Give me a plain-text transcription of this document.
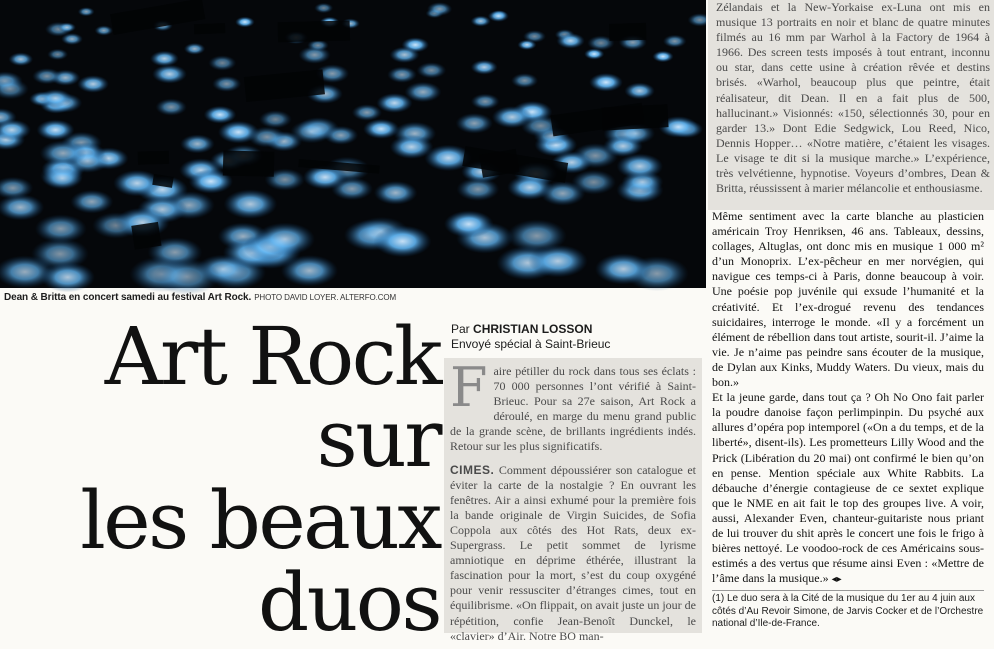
Dean & Britta en concert samedi au festival Art Rock. PHOTO DAVID LOYER. ALTERFO.COM
Art Rock
sur
les beaux
duos
Par CHRISTIAN LOSSON
Envoyé spécial à Saint-Brieuc

Faire pétiller du rock dans tous ses éclats : 70 000 personnes l’ont vérifié à Saint-Brieuc. Pour sa 27e saison, Art Rock a déroulé, en marge du menu grand public de la grande scène, de brillants ingrédients indés. Retour sur les plus significatifs.

CIMES. Comment dépoussiérer son catalogue et éviter la carte de la nostalgie ? En ouvrant les fenêtres. Air a ainsi exhumé pour la première fois la bande originale de Virgin Suicides, de Sofia Coppola aux côtés des Hot Rats, deux ex-Supergrass. Le petit sommet de lyrisme amniotique en déprime éthérée, illustrant la fascination pour la mort, s’est du coup oxygéné pour venir ressusciter d’étranges cimes, tout en équilibrisme. «On flippait, on avait juste un jour de répétition, confie Jean-Benoît Dunckel, le «clavier» d’Air. Notre BO man-

Zélandais et la New-Yorkaise ex-Luna ont mis en musique 13 portraits en noir et blanc de quatre minutes filmés au 16 mm par Warhol à la Factory de 1964 à 1966. Des screen tests imposés à tout entrant, inconnu ou star, dans cette usine à création rêvée et destins brisés. «Warhol, beaucoup plus que peintre, était réalisateur, dit Dean. Il en a fait plus de 500, hallucinant.» Visionnés: «150, sélectionnés 30, pour en garder 13.» Dont Edie Sedgwick, Lou Reed, Nico, Dennis Hopper… «Notre matière, c’étaient les visages. Le visage te dit si la musique marche.» L’expérience, très velvétienne, hypnotise. Voyeurs d’ombres, Dean & Britta, réussissent à marier mélancolie et enthousiasme.

Même sentiment avec la carte blanche au plasticien américain Troy Henriksen, 46 ans. Tableaux, dessins, collages, Altuglas, ont donc mis en musique 1 000 m² d’un Monoprix. L’ex-pêcheur en mer norvégien, qui navigue ces temps-ci à Paris, donne beaucoup à voir. Une poésie pop juvénile qui exsude l’humanité et la créativité. Et l’ex-drogué revenu des tendances suicidaires, interroge le monde. «Il y a forcément un élément de rébellion dans tout artiste, sourit-il. J’aime la vie. Je n’aime pas peindre sans écouter de la musique, de Dylan aux Kinks, Muddy Waters. Du vieux, mais du bon.»

Et la jeune garde, dans tout ça ? Oh No Ono fait parler la poudre danoise façon perlimpinpin. Du psyché aux allures d’opéra pop intemporel («On a du temps, et de la liberté», disent-ils). Les prometteurs Lilly Wood and the Prick (Libération du 20 mai) ont confirmé le bien qu’on en pense. Mention spéciale aux White Rabbits. La débauche d’énergie contagieuse de ce sextet explique que le NME en ait fait le top des groupes live. A voir, aussi, Alexander Even, chanteur-guitariste nous priant de lui trouver du shit après le concert une fois le frigo à bières nettoyé. Le voodoo-rock de ces Américains sous-estimés a des vertus que résume ainsi Even : «Mettre de l’âme dans la musique.» ◂▸

(1) Le duo sera à la Cité de la musique du 1er au 4 juin aux côtés d’Au Revoir Simone, de Jarvis Cocker et de l’Orchestre national d’Ile-de-France.
